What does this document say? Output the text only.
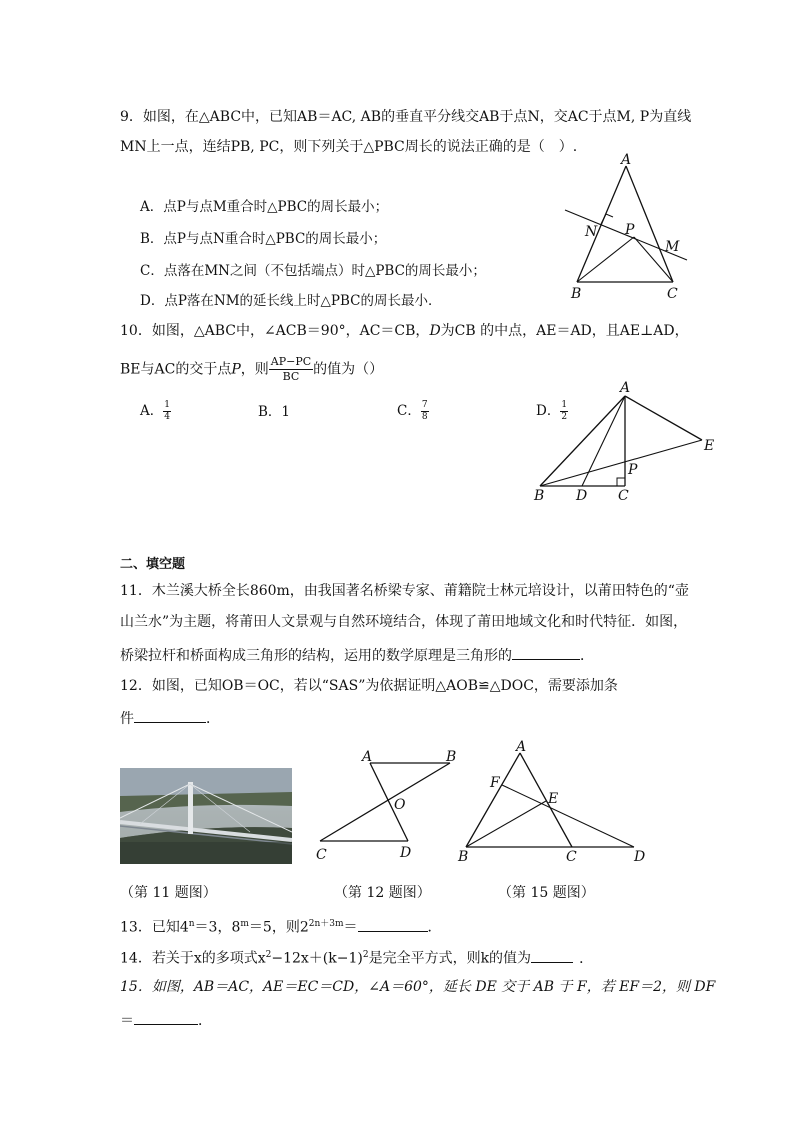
9．如图，在△ABC中，已知AB＝AC, AB的垂直平分线交AB于点N，交AC于点M, P为直线
MN上一点，连结PB, PC，则下列关于△PBC周长的说法正确的是（　）.
A．点P与点M重合时△PBC的周长最小；
B．点P与点N重合时△PBC的周长最小；
C．点落在MN之间（不包括端点）时△PBC的周长最小；
D．点P落在NM的延长线上时△PBC的周长最小．
A
B	C
N P
M
10．如图，△ABC中，∠ACB＝90°，AC＝CB，D为CB 的中点，AE＝AD，且AE⊥AD，
BE与AC的交于点P，则 $\frac{AP-PC}{BC}$ 的值为（）
A． $\frac{1}{4}$	B．1	C． $\frac{7}{8}$	D． $\frac{1}{2}$
A
B D C
E
P
二、填空题
11．木兰溪大桥全长860m，由我国著名桥梁专家、莆籍院士林元培设计，以莆田特色的“壶
山兰水”为主题，将莆田人文景观与自然环境结合，体现了莆田地域文化和时代特征．如图，
桥梁拉杆和桥面构成三角形的结构，运用的数学原理是三角形的	．
12．如图，已知OB＝OC，若以“SAS”为依据证明△AOB≌△DOC，需要添加条
件	．
A	B
O
C	D
A
F
E
B	C	D
（第 11 题图）	（第 12 题图）	（第 15 题图）
13．已知$4^n=3$，$8^m=5$，则$2^{2n+3m}=$	．
14．若关于x的多项式$x^2-12x+(k-1)^2$是完全平方式，则k的值为	．
15．如图，AB＝AC，AE＝EC＝CD，∠A＝60°，延长 DE 交于 AB 于 F，若 EF＝2，则 DF
＝	．
